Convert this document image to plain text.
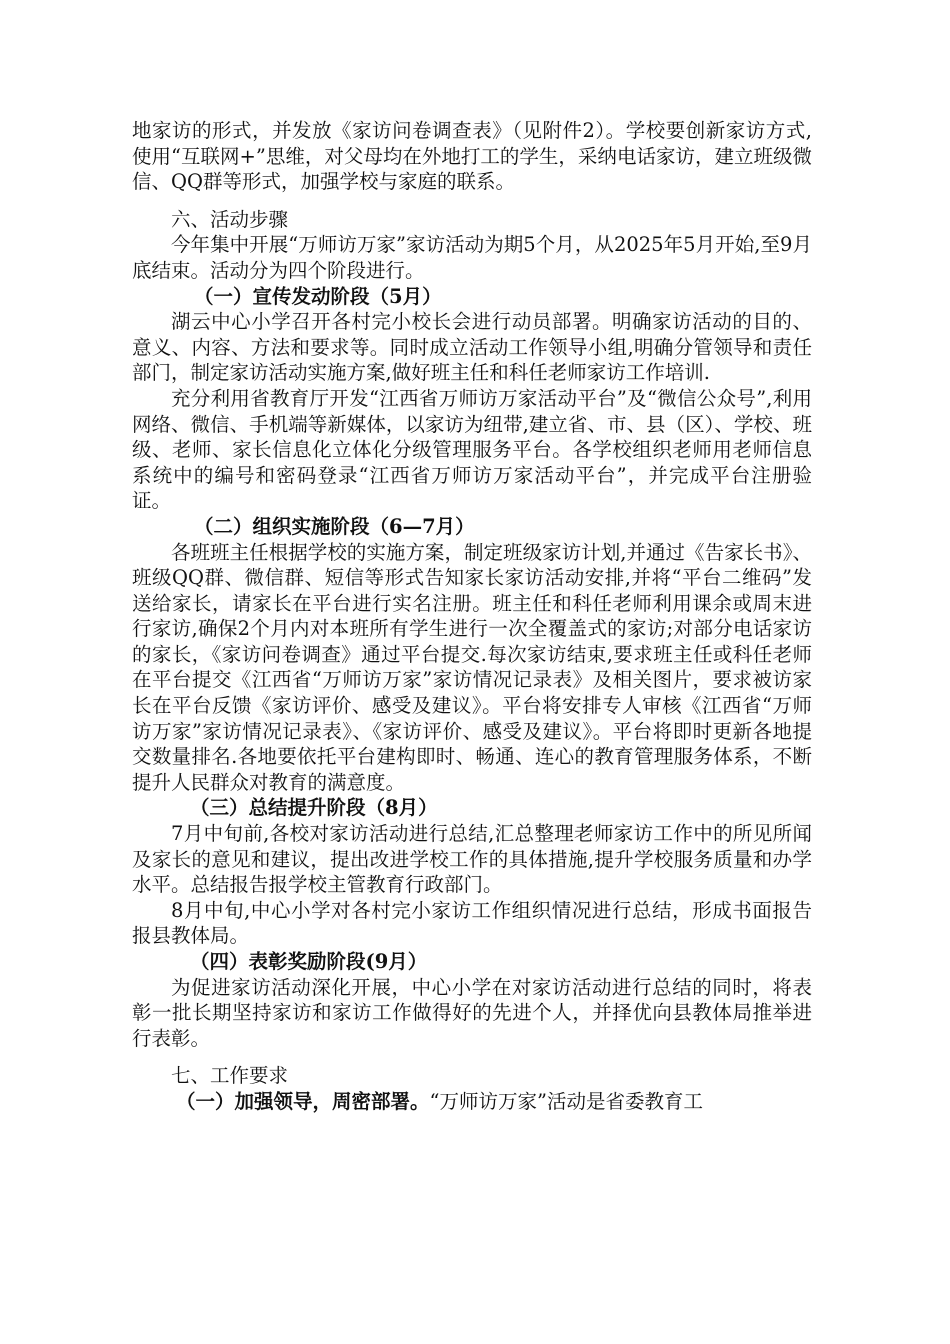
地家访的形式，并发放《家访问卷调查表》（见附件2）。学校要创新家访方式,使用“互联网+”思维，对父母均在外地打工的学生，采纳电话家访，建立班级微信、QQ群等形式，加强学校与家庭的联系。

六、活动步骤

今年集中开展“万师访万家”家访活动为期5个月，从2025年5月开始,至9月底结束。活动分为四个阶段进行。

（一）宣传发动阶段（5月）

湖云中心小学召开各村完小校长会进行动员部署。明确家访活动的目的、意义、内容、方法和要求等。同时成立活动工作领导小组,明确分管领导和责任部门，制定家访活动实施方案,做好班主任和科任老师家访工作培训.

充分利用省教育厅开发“江西省万师访万家活动平台”及“微信公众号”,利用网络、微信、手机端等新媒体，以家访为纽带,建立省、市、县（区）、学校、班级、老师、家长信息化立体化分级管理服务平台。各学校组织老师用老师信息系统中的编号和密码登录“江西省万师访万家活动平台”，并完成平台注册验证。

（二）组织实施阶段（6—7月）

各班班主任根据学校的实施方案，制定班级家访计划,并通过《告家长书》、班级QQ群、微信群、短信等形式告知家长家访活动安排,并将“平台二维码”发送给家长，请家长在平台进行实名注册。班主任和科任老师利用课余或周末进行家访,确保2个月内对本班所有学生进行一次全覆盖式的家访;对部分电话家访的家长，《家访问卷调查》通过平台提交.每次家访结束,要求班主任或科任老师在平台提交《江西省“万师访万家”家访情况记录表》及相关图片，要求被访家长在平台反馈《家访评价、感受及建议》。平台将安排专人审核《江西省“万师访万家”家访情况记录表》、《家访评价、感受及建议》。平台将即时更新各地提交数量排名.各地要依托平台建构即时、畅通、连心的教育管理服务体系，不断提升人民群众对教育的满意度。

（三）总结提升阶段（8月）

7月中旬前,各校对家访活动进行总结,汇总整理老师家访工作中的所见所闻及家长的意见和建议，提出改进学校工作的具体措施,提升学校服务质量和办学水平。总结报告报学校主管教育行政部门。

8月中旬,中心小学对各村完小家访工作组织情况进行总结，形成书面报告报县教体局。

（四）表彰奖励阶段(9月）

为促进家访活动深化开展，中心小学在对家访活动进行总结的同时，将表彰一批长期坚持家访和家访工作做得好的先进个人，并择优向县教体局推举进行表彰。

七、工作要求

（一）加强领导，周密部署。“万师访万家”活动是省委教育工
